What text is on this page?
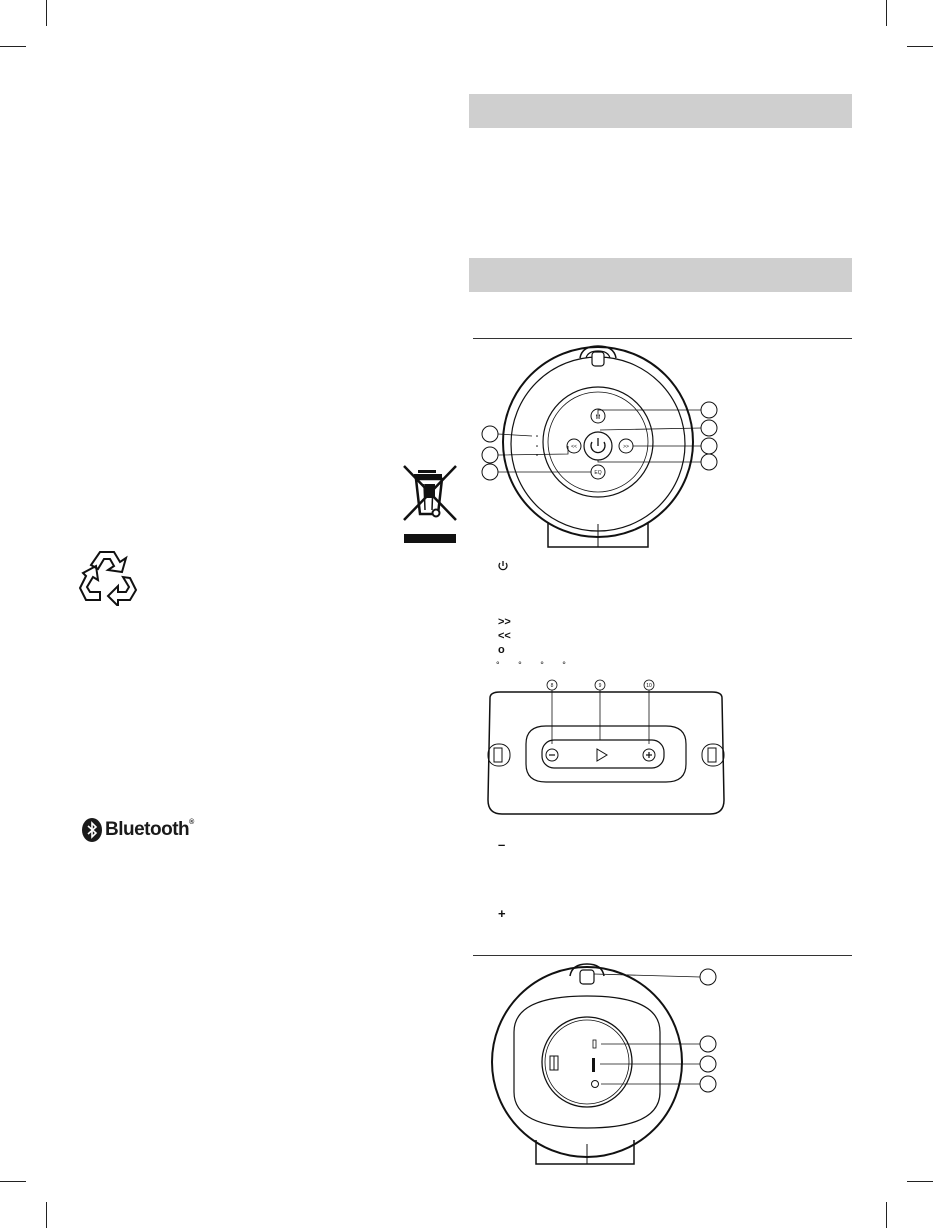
Bluetooth®
M
<<	>>
EQ
>>
<<
o
° ° ° °
8	9	10
–
+
